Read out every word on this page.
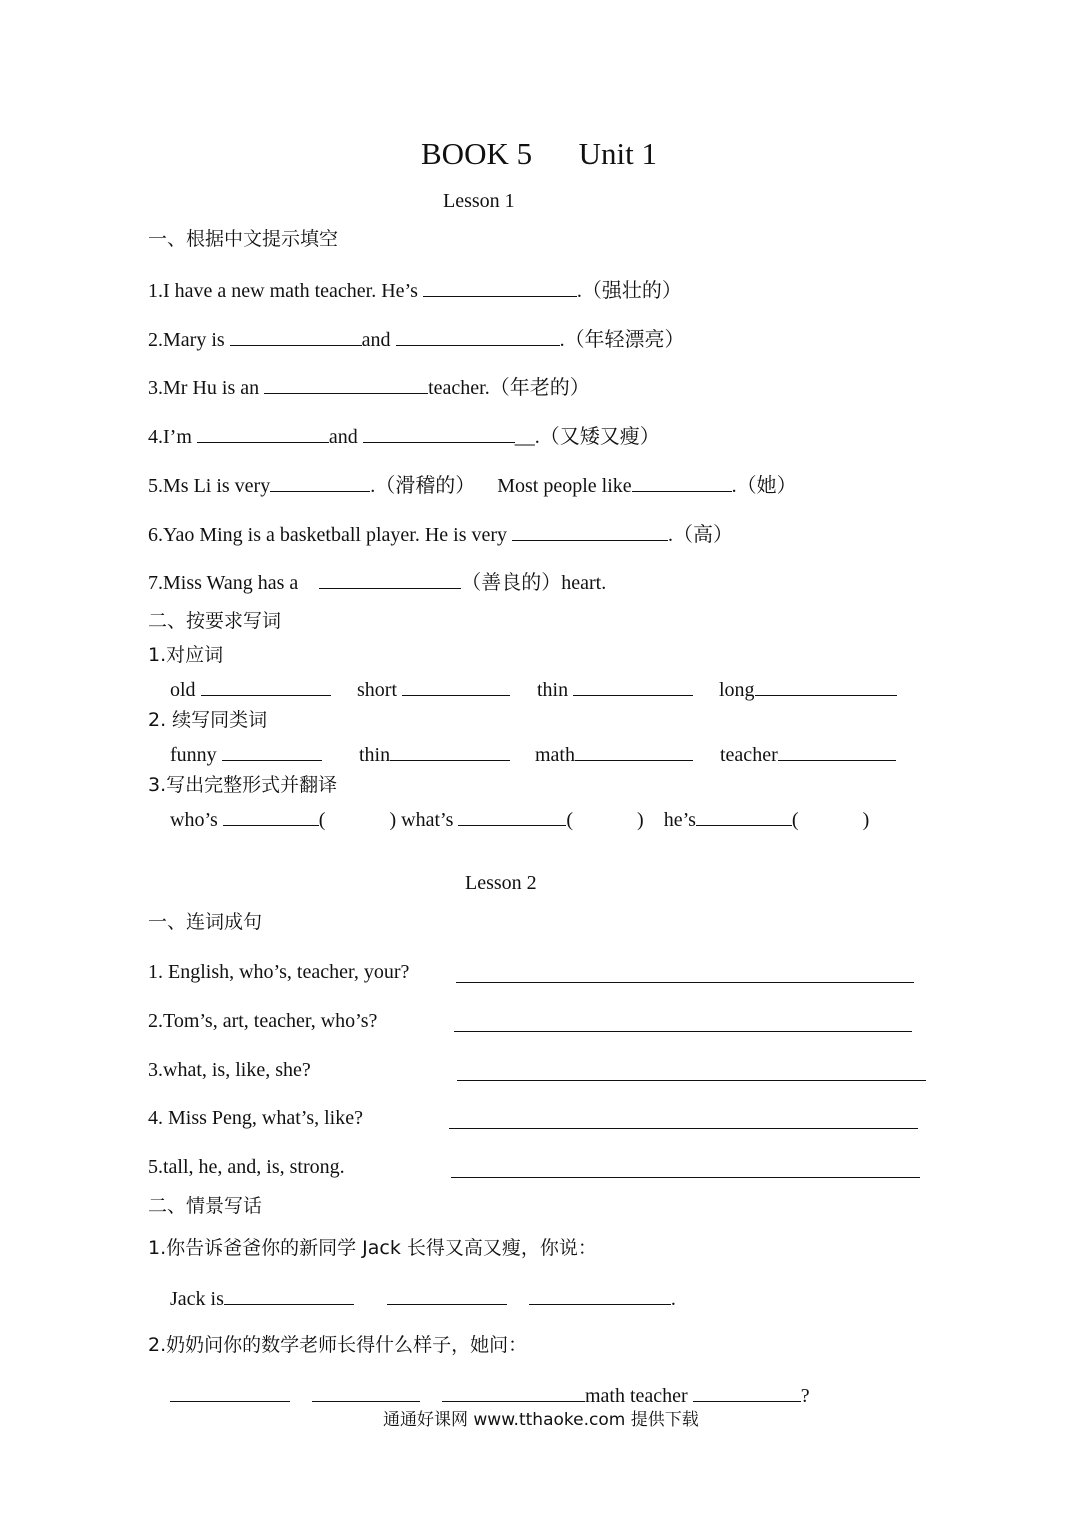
BOOK 5      Unit 1
Lesson 1
一、根据中文提示填空
1.I have a new math teacher. He’s	.（强壮的）
2.Mary is	and	.（年轻漂亮）
3.Mr Hu is an	teacher.（年老的）
4.I’m	and	__.（又矮又瘦）
5.Ms Li is very	.（滑稽的） Most people like	.（她）
6.Yao Ming is a basketball player. He is very	.（高）
7.Miss Wang has a	（善良的）heart.
二、按要求写词
1.对应词
old	short	thin	long
2. 续写同类词
funny	thin	math	teacher
3.写出完整形式并翻译
who’s	(	) what’s	(	) he’s	(	)
Lesson 2
一、连词成句
1. English, who’s, teacher, your?
2.Tom’s, art, teacher, who’s?
3.what, is, like, she?
4. Miss Peng, what’s, like?
5.tall, he, and, is, strong.
二、情景写话
1.你告诉爸爸你的新同学 Jack 长得又高又瘦，你说：
Jack is	.
2.奶奶问你的数学老师长得什么样子，她问：
math teacher	?
通通好课网 www.tthaoke.com 提供下载
